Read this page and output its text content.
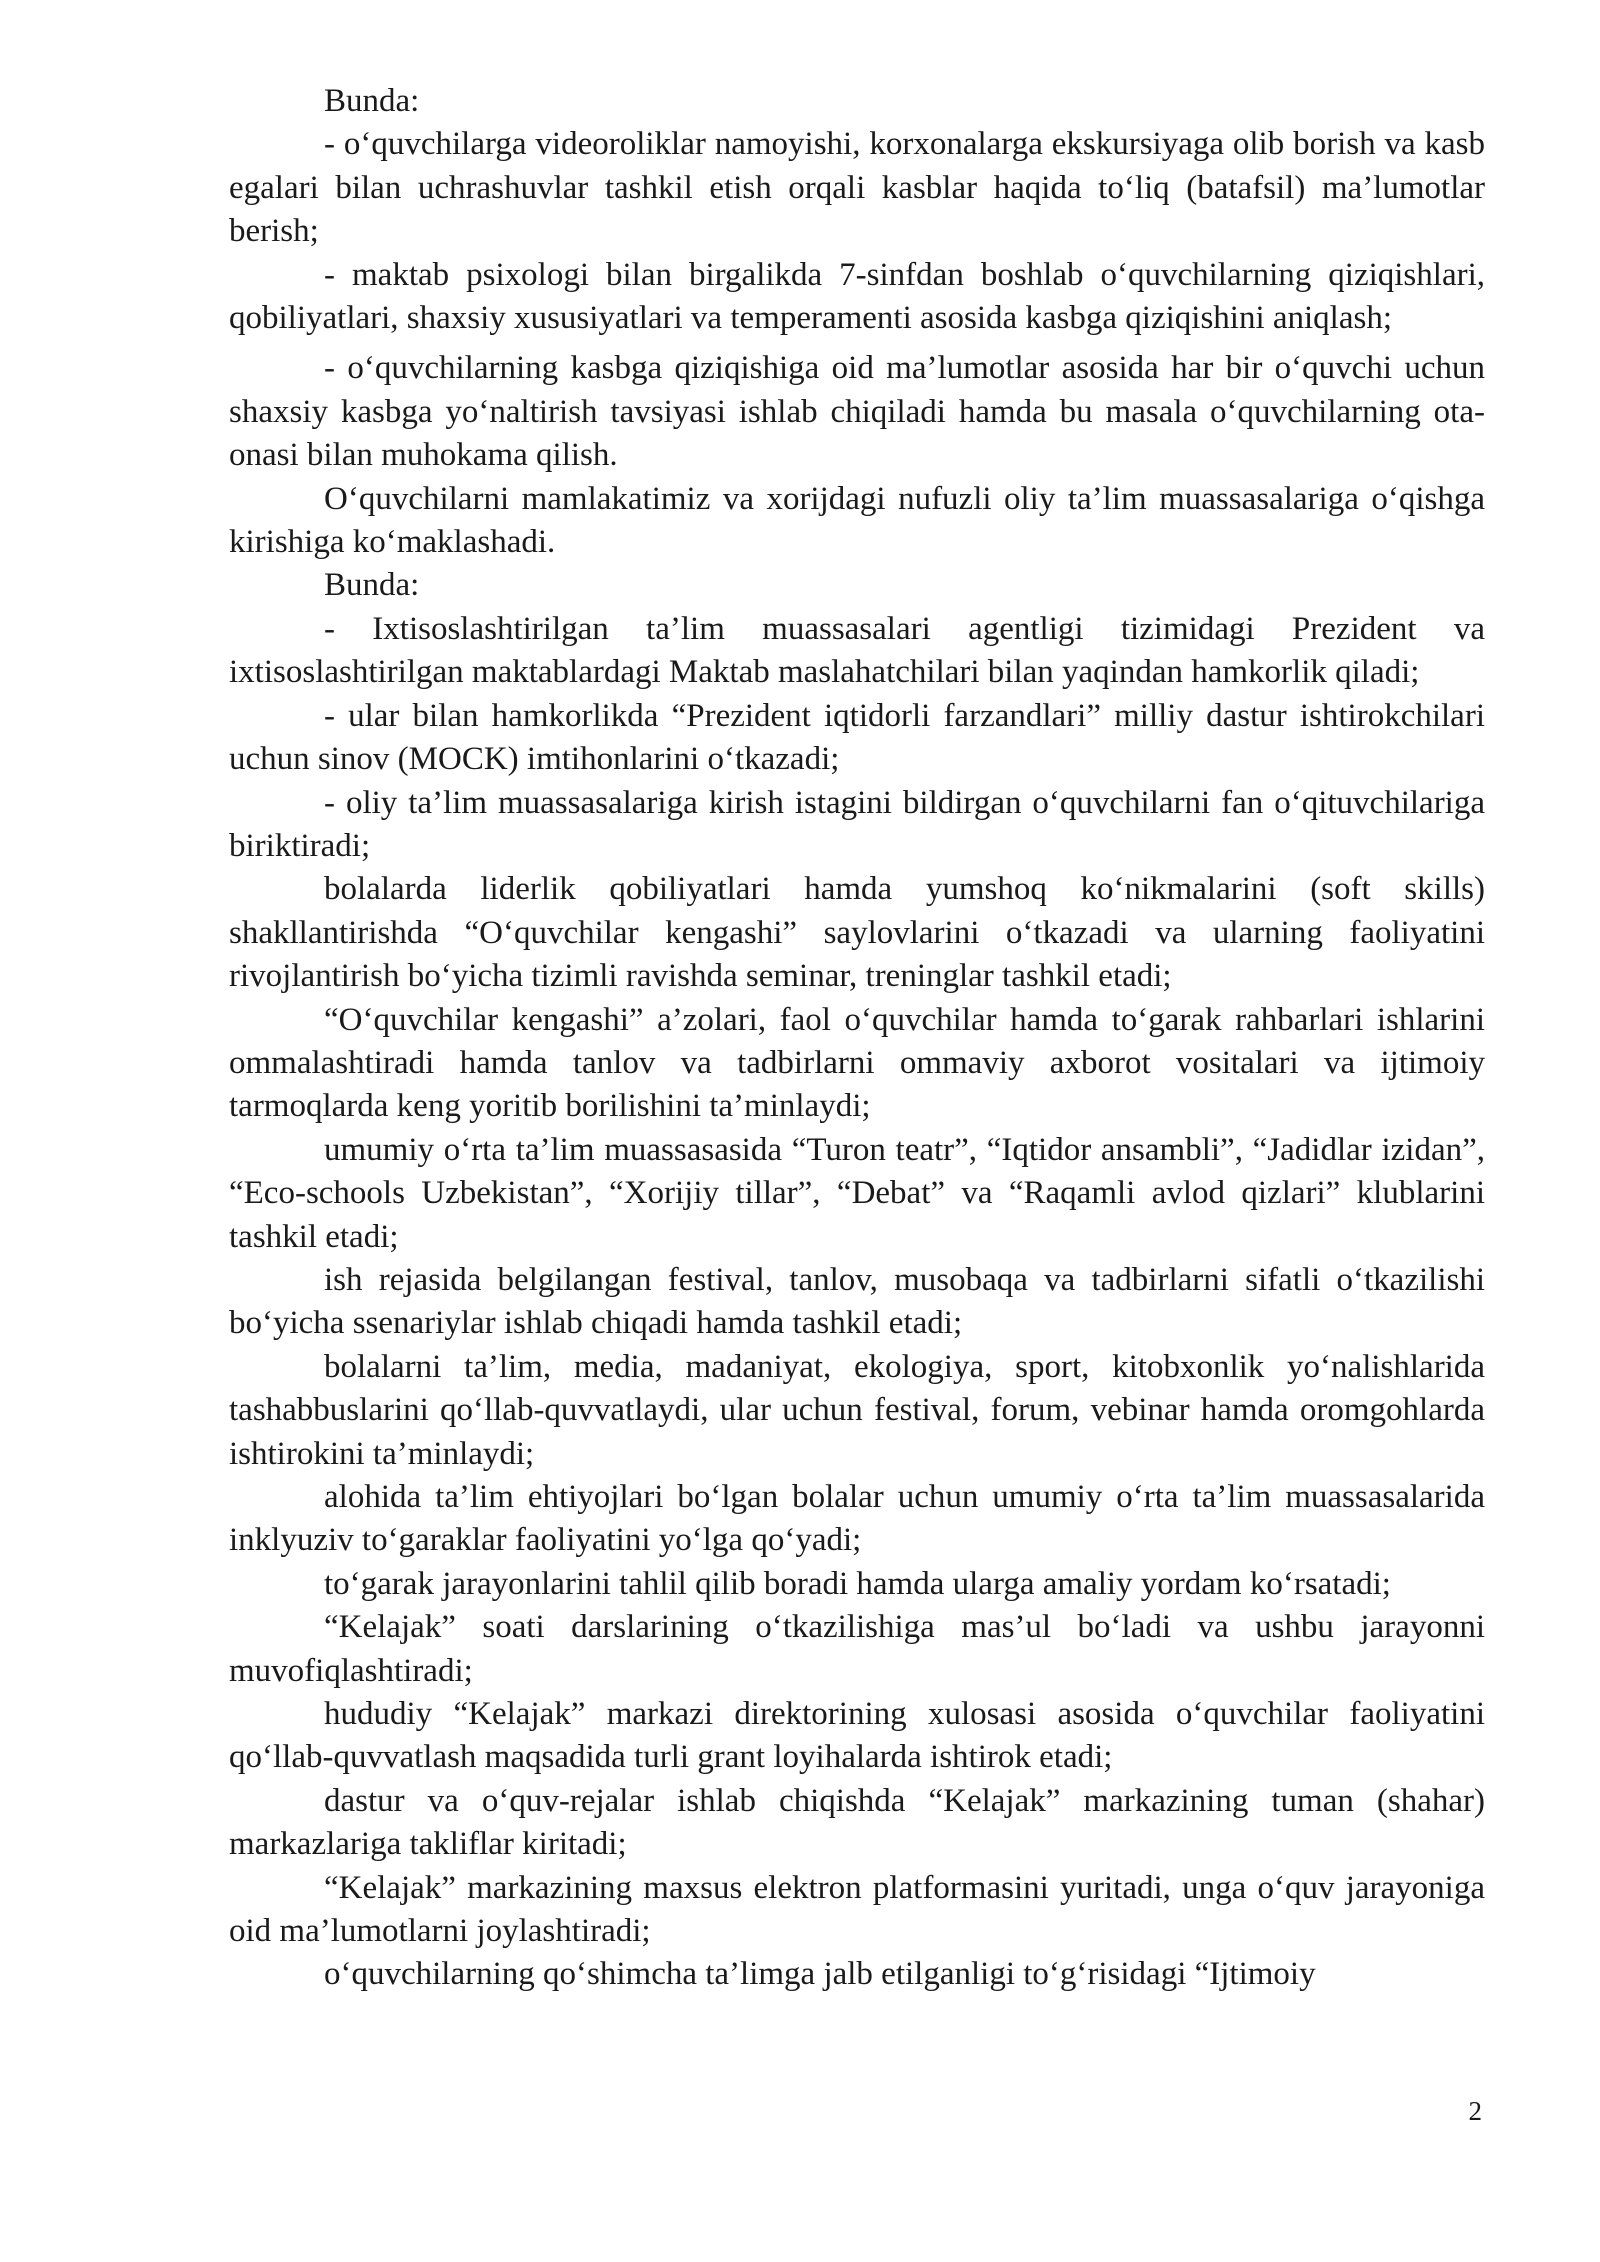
Bunda:

- o‘quvchilarga videoroliklar namoyishi, korxonalarga ekskursiyaga olib borish va kasb egalari bilan uchrashuvlar tashkil etish orqali kasblar haqida to‘liq (batafsil) ma’lumotlar berish;

- maktab psixologi bilan birgalikda 7-sinfdan boshlab o‘quvchilarning qiziqishlari, qobiliyatlari, shaxsiy xususiyatlari va temperamenti asosida kasbga qiziqishini aniqlash;

- o‘quvchilarning kasbga qiziqishiga oid ma’lumotlar asosida har bir o‘quvchi uchun shaxsiy kasbga yo‘naltirish tavsiyasi ishlab chiqiladi hamda bu masala o‘quvchilarning ota-onasi bilan muhokama qilish.

O‘quvchilarni mamlakatimiz va xorijdagi nufuzli oliy ta’lim muassasalariga o‘qishga kirishiga ko‘maklashadi.

Bunda:

- Ixtisoslashtirilgan ta’lim muassasalari agentligi tizimidagi Prezident va ixtisoslashtirilgan maktablardagi Maktab maslahatchilari bilan yaqindan hamkorlik qiladi;

- ular bilan hamkorlikda “Prezident iqtidorli farzandlari” milliy dastur ishtirokchilari uchun sinov (MOCK) imtihonlarini o‘tkazadi;

- oliy ta’lim muassasalariga kirish istagini bildirgan o‘quvchilarni fan o‘qituvchilariga biriktiradi;

bolalarda liderlik qobiliyatlari hamda yumshoq ko‘nikmalarini (soft skills) shakllantirishda “O‘quvchilar kengashi” saylovlarini o‘tkazadi va ularning faoliyatini rivojlantirish bo‘yicha tizimli ravishda seminar, treninglar tashkil etadi;

“O‘quvchilar kengashi” a’zolari, faol o‘quvchilar hamda to‘garak rahbarlari ishlarini ommalashtiradi hamda tanlov va tadbirlarni ommaviy axborot vositalari va ijtimoiy tarmoqlarda keng yoritib borilishini ta’minlaydi;

umumiy o‘rta ta’lim muassasasida “Turon teatr”, “Iqtidor ansambli”, “Jadidlar izidan”, “Eco-schools Uzbekistan”, “Xorijiy tillar”, “Debat” va “Raqamli avlod qizlari” klublarini tashkil etadi;

ish rejasida belgilangan festival, tanlov, musobaqa va tadbirlarni sifatli o‘tkazilishi bo‘yicha ssenariylar ishlab chiqadi hamda tashkil etadi;

bolalarni ta’lim, media, madaniyat, ekologiya, sport, kitobxonlik yo‘nalishlarida tashabbuslarini qo‘llab-quvvatlaydi, ular uchun festival, forum, vebinar hamda oromgohlarda ishtirokini ta’minlaydi;

alohida ta’lim ehtiyojlari bo‘lgan bolalar uchun umumiy o‘rta ta’lim muassasalarida inklyuziv to‘garaklar faoliyatini yo‘lga qo‘yadi;

to‘garak jarayonlarini tahlil qilib boradi hamda ularga amaliy yordam ko‘rsatadi;

“Kelajak” soati darslarining o‘tkazilishiga mas’ul bo‘ladi va ushbu jarayonni muvofiqlashtiradi;

hududiy “Kelajak” markazi direktorining xulosasi asosida o‘quvchilar faoliyatini qo‘llab-quvvatlash maqsadida turli grant loyihalarda ishtirok etadi;

dastur va o‘quv-rejalar ishlab chiqishda “Kelajak” markazining tuman (shahar) markazlariga takliflar kiritadi;

“Kelajak” markazining maxsus elektron platformasini yuritadi, unga o‘quv jarayoniga oid ma’lumotlarni joylashtiradi;

o‘quvchilarning qo‘shimcha ta’limga jalb etilganligi to‘g‘risidagi “Ijtimoiy

2
